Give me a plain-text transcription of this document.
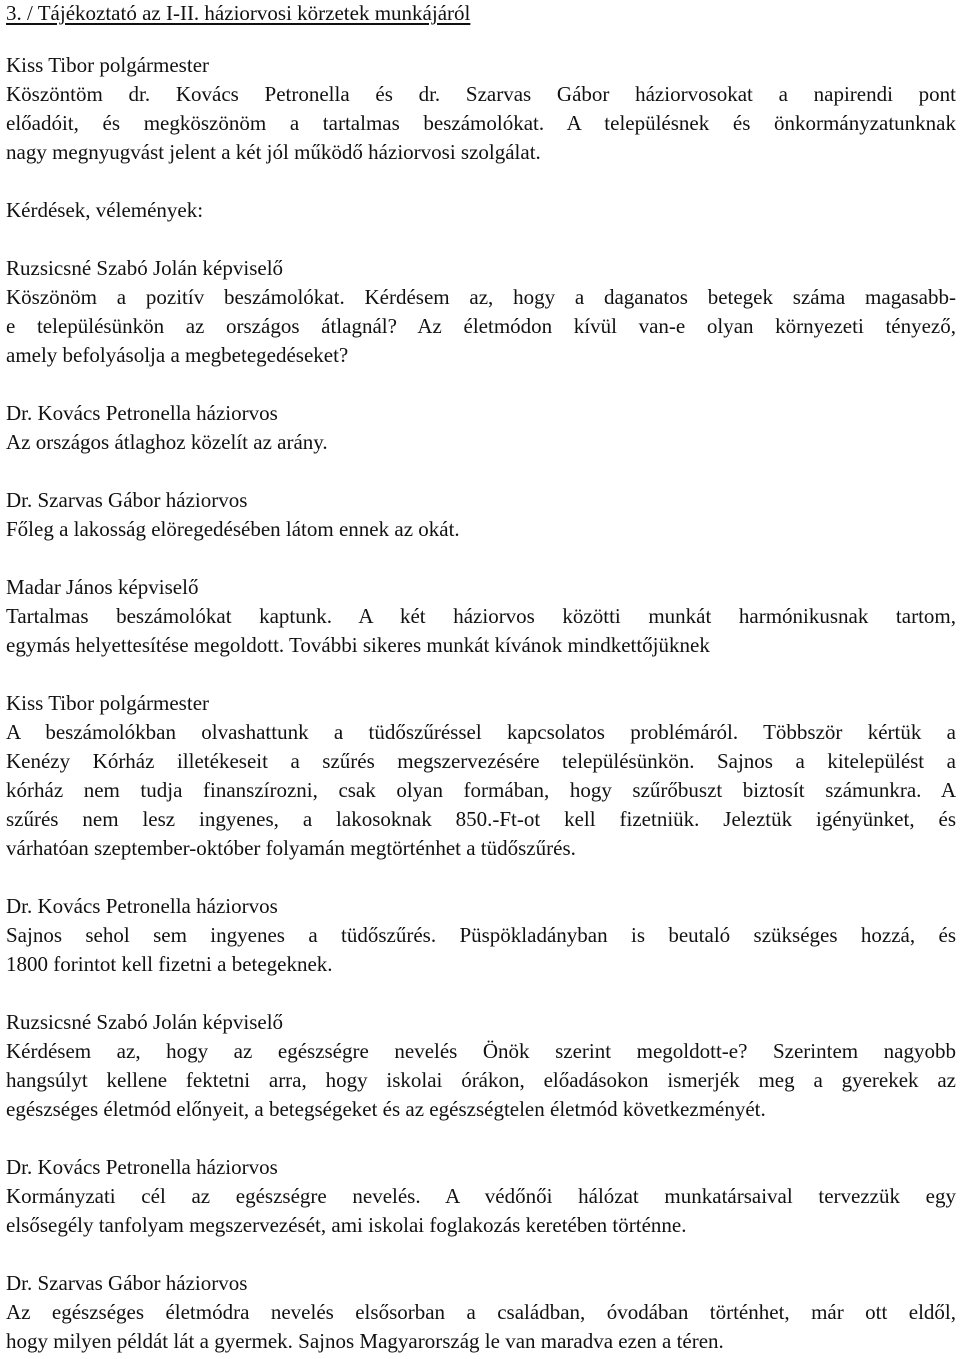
3. / Tájékoztató az I-II. háziorvosi körzetek munkájáról

Kiss Tibor polgármester

Köszöntöm dr. Kovács Petronella és dr. Szarvas Gábor háziorvosokat a napirendi pont
előadóit, és megköszönöm a tartalmas beszámolókat. A településnek és önkormányzatunknak
nagy megnyugvást jelent a két jól működő háziorvosi szolgálat.

Kérdések, vélemények:

Ruzsicsné Szabó Jolán képviselő

Köszönöm a pozitív beszámolókat. Kérdésem az, hogy a daganatos betegek száma magasabb-
e településünkön az országos átlagnál? Az életmódon kívül van-e olyan környezeti tényező,
amely befolyásolja a megbetegedéseket?

Dr. Kovács Petronella háziorvos

Az országos átlaghoz közelít az arány.

Dr. Szarvas Gábor háziorvos

Főleg a lakosság elöregedésében látom ennek az okát.

Madar János képviselő

Tartalmas beszámolókat kaptunk. A két háziorvos közötti munkát harmónikusnak tartom,
egymás helyettesítése megoldott. További sikeres munkát kívánok mindkettőjüknek

Kiss Tibor polgármester

A beszámolókban olvashattunk a tüdőszűréssel kapcsolatos problémáról. Többször kértük a
Kenézy Kórház illetékeseit a szűrés megszervezésére településünkön. Sajnos a kitelepülést a
kórház nem tudja finanszírozni, csak olyan formában, hogy szűrőbuszt biztosít számunkra. A
szűrés nem lesz ingyenes, a lakosoknak 850.-Ft-ot kell fizetniük. Jeleztük igényünket, és
várhatóan szeptember-október folyamán megtörténhet a tüdőszűrés.

Dr. Kovács Petronella háziorvos

Sajnos sehol sem ingyenes a tüdőszűrés. Püspökladányban is beutaló szükséges hozzá, és
1800 forintot kell fizetni a betegeknek.

Ruzsicsné Szabó Jolán képviselő

Kérdésem az, hogy az egészségre nevelés Önök szerint megoldott-e? Szerintem nagyobb
hangsúlyt kellene fektetni arra, hogy iskolai órákon, előadásokon ismerjék meg a gyerekek az
egészséges életmód előnyeit, a betegségeket és az egészségtelen életmód következményét.

Dr. Kovács Petronella háziorvos

Kormányzati cél az egészségre nevelés. A védőnői hálózat munkatársaival tervezzük egy
elsősegély tanfolyam megszervezését, ami iskolai foglakozás keretében történne.

Dr. Szarvas Gábor háziorvos

Az egészséges életmódra nevelés elsősorban a családban, óvodában történhet, már ott eldől,
hogy milyen példát lát a gyermek. Sajnos Magyarország le van maradva ezen a téren.
